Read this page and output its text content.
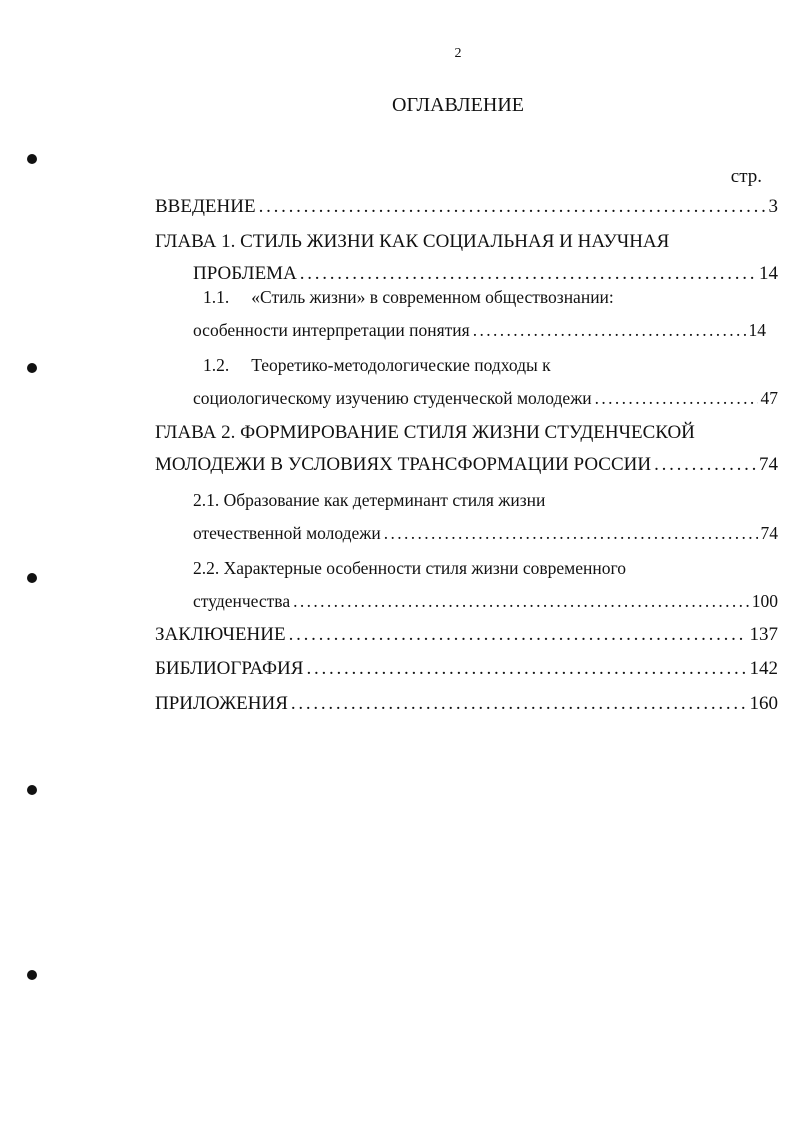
2
ОГЛАВЛЕНИЕ
стр.
ВВЕДЕНИЕ . . .	3
ГЛАВА 1. СТИЛЬ ЖИЗНИ КАК СОЦИАЛЬНАЯ И НАУЧНАЯ
ПРОБЛЕМА . . .	14
1.1. «Стиль жизни» в современном обществознании:
особенности интерпретации понятия . . .	14
1.2. Теоретико-методологические подходы к
социологическому изучению студенческой молодежи . . .	47
ГЛАВА 2. ФОРМИРОВАНИЕ СТИЛЯ ЖИЗНИ СТУДЕНЧЕСКОЙ
МОЛОДЕЖИ В УСЛОВИЯХ ТРАНСФОРМАЦИИ РОССИИ . . .	74
2.1. Образование как детерминант стиля жизни
отечественной молодежи . . .	74
2.2. Характерные особенности стиля жизни современного
студенчества . . .	100
ЗАКЛЮЧЕНИЕ . . .	137
БИБЛИОГРАФИЯ . . .	142
ПРИЛОЖЕНИЯ . . .	160
